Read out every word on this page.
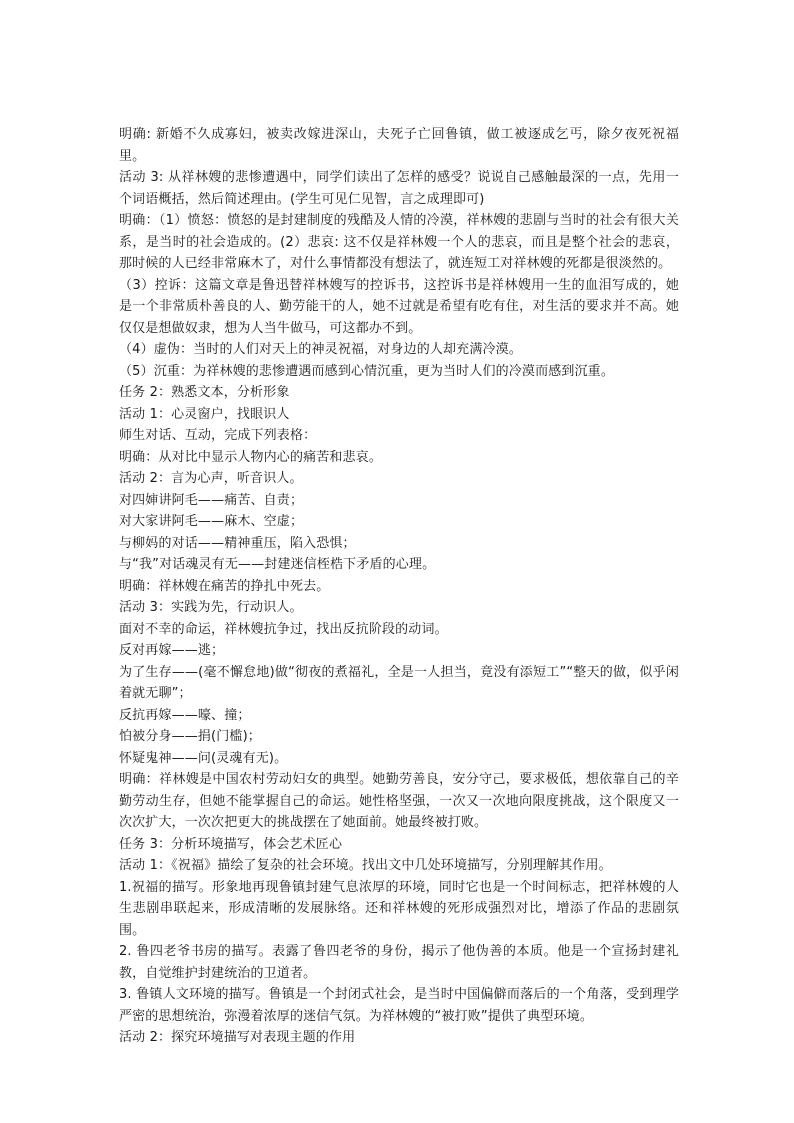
明确: 新婚不久成寡妇，被卖改嫁进深山，夫死子亡回鲁镇，做工被逐成乞丐，除夕夜死祝福里。

活动 3: 从祥林嫂的悲惨遭遇中，同学们读出了怎样的感受？说说自己感触最深的一点，先用一个词语概括，然后简述理由。(学生可见仁见智，言之成理即可)

明确：（1）愤怒：愤怒的是封建制度的残酷及人情的冷漠，祥林嫂的悲剧与当时的社会有很大关系，是当时的社会造成的。(2）悲哀: 这不仅是祥林嫂一个人的悲哀，而且是整个社会的悲哀，那时候的人已经非常麻木了，对什么事情都没有想法了，就连短工对祥林嫂的死都是很淡然的。

（3）控诉：这篇文章是鲁迅替祥林嫂写的控诉书，这控诉书是祥林嫂用一生的血泪写成的，她是一个非常质朴善良的人、勤劳能干的人，她不过就是希望有吃有住，对生活的要求并不高。她仅仅是想做奴隶，想为人当牛做马，可这都办不到。

（4）虚伪：当时的人们对天上的神灵祝福，对身边的人却充满冷漠。

（5）沉重：为祥林嫂的悲惨遭遇而感到心情沉重，更为当时人们的冷漠而感到沉重。

任务 2：熟悉文本，分析形象

活动 1：心灵窗户，找眼识人

师生对话、互动，完成下列表格：

明确：从对比中显示人物内心的痛苦和悲哀。

活动 2：言为心声，听音识人。

对四婶讲阿毛——痛苦、自责；

对大家讲阿毛——麻木、空虚；

与柳妈的对话——精神重压，陷入恐惧；

与“我”对话魂灵有无——封建迷信桎梏下矛盾的心理。

明确：祥林嫂在痛苦的挣扎中死去。

活动 3：实践为先，行动识人。

面对不幸的命运，祥林嫂抗争过，找出反抗阶段的动词。

反对再嫁——逃；

为了生存——(毫不懈怠地)做“彻夜的煮福礼，全是一人担当，竟没有添短工”“整天的做，似乎闲着就无聊”；

反抗再嫁——嚎、撞；

怕被分身——捐(门槛)；

怀疑鬼神——问(灵魂有无)。

明确：祥林嫂是中国农村劳动妇女的典型。她勤劳善良，安分守己，要求极低，想依靠自己的辛勤劳动生存，但她不能掌握自己的命运。她性格坚强，一次又一次地向限度挑战，这个限度又一次次扩大，一次次把更大的挑战摆在了她面前。她最终被打败。

任务 3：分析环境描写，体会艺术匠心

活动 1：《祝福》描绘了复杂的社会环境。找出文中几处环境描写，分别理解其作用。

1.祝福的描写。形象地再现鲁镇封建气息浓厚的环境，同时它也是一个时间标志，把祥林嫂的人生悲剧串联起来，形成清晰的发展脉络。还和祥林嫂的死形成强烈对比，增添了作品的悲剧氛围。

2. 鲁四老爷书房的描写。表露了鲁四老爷的身份，揭示了他伪善的本质。他是一个宣扬封建礼教，自觉维护封建统治的卫道者。

3. 鲁镇人文环境的描写。鲁镇是一个封闭式社会，是当时中国偏僻而落后的一个角落，受到理学严密的思想统治，弥漫着浓厚的迷信气氛。为祥林嫂的“被打败”提供了典型环境。

活动 2：探究环境描写对表现主题的作用
